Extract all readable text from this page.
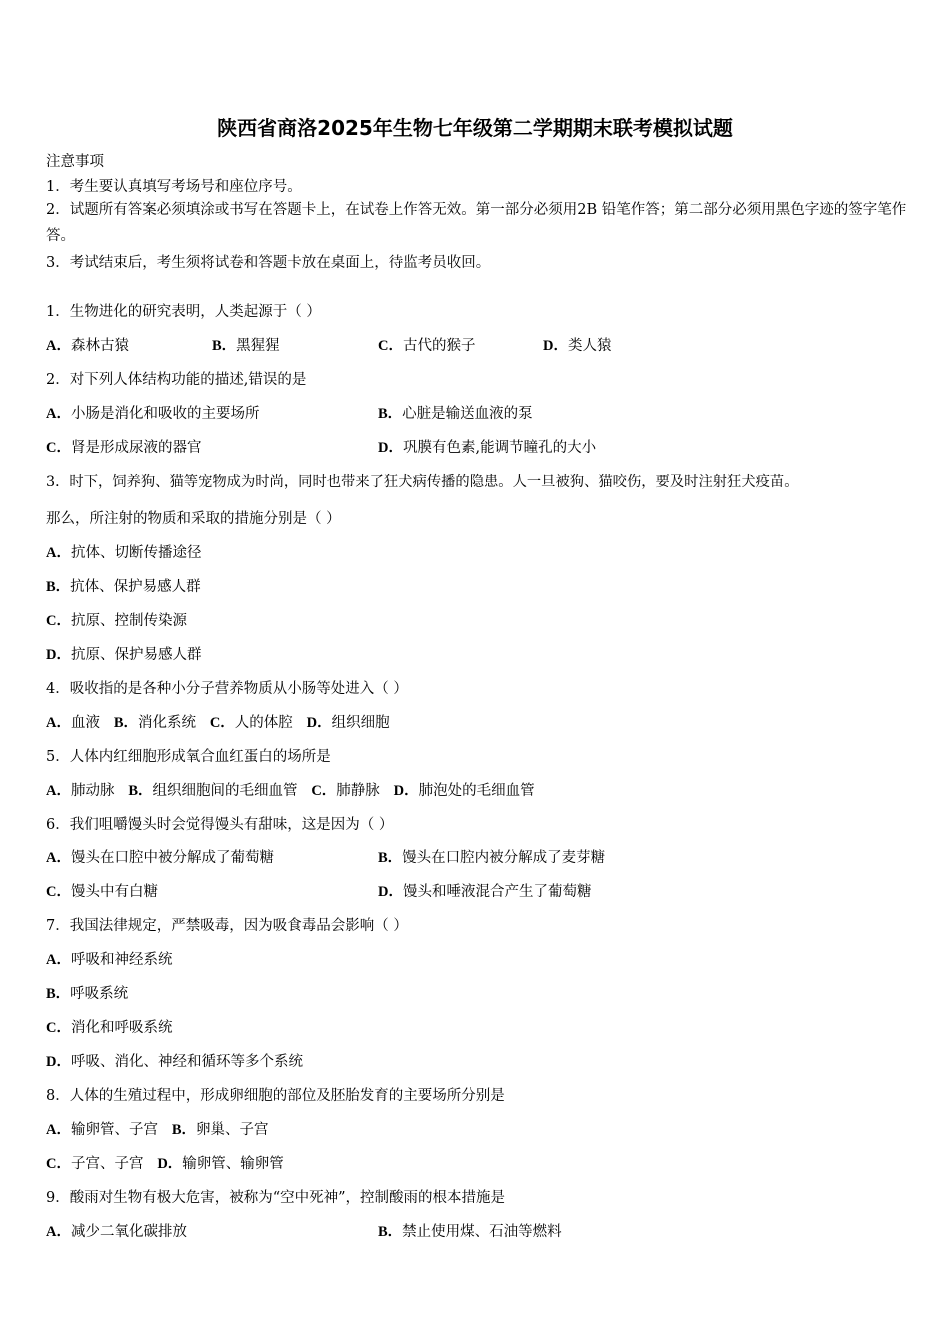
陕西省商洛2025年生物七年级第二学期期末联考模拟试题
注意事项
1．考生要认真填写考场号和座位序号。
2．试题所有答案必须填涂或书写在答题卡上，在试卷上作答无效。第一部分必须用2B 铅笔作答；第二部分必须用黑色字迹的签字笔作答。
3．考试结束后，考生须将试卷和答题卡放在桌面上，待监考员收回。
1．生物进化的研究表明，人类起源于（ ）
A．森林古猿	B．黑猩猩	C．古代的猴子	D．类人猿
2．对下列人体结构功能的描述,错误的是
A．小肠是消化和吸收的主要场所	B．心脏是输送血液的泵
C．肾是形成尿液的器官	D．巩膜有色素,能调节瞳孔的大小
3．时下，饲养狗、猫等宠物成为时尚，同时也带来了狂犬病传播的隐患。人一旦被狗、猫咬伤，要及时注射狂犬疫苗。
那么，所注射的物质和采取的措施分别是（ ）
A．抗体、切断传播途径
B．抗体、保护易感人群
C．抗原、控制传染源
D．抗原、保护易感人群
4．吸收指的是各种小分子营养物质从小肠等处进入（ ）
A．血液 B．消化系统 C．人的体腔 D．组织细胞
5．人体内红细胞形成氧合血红蛋白的场所是
A．肺动脉 B．组织细胞间的毛细血管 C．肺静脉 D．肺泡处的毛细血管
6．我们咀嚼馒头时会觉得馒头有甜味，这是因为（ ）
A．馒头在口腔中被分解成了葡萄糖	B．馒头在口腔内被分解成了麦芽糖
C．馒头中有白糖	D．馒头和唾液混合产生了葡萄糖
7．我国法律规定，严禁吸毒，因为吸食毒品会影响（ ）
A．呼吸和神经系统
B．呼吸系统
C．消化和呼吸系统
D．呼吸、消化、神经和循环等多个系统
8．人体的生殖过程中，形成卵细胞的部位及胚胎发育的主要场所分别是
A．输卵管、子宫 B．卵巢、子宫
C．子宫、子宫 D．输卵管、输卵管
9．酸雨对生物有极大危害，被称为“空中死神”，控制酸雨的根本措施是
A．减少二氧化碳排放	B．禁止使用煤、石油等燃料
